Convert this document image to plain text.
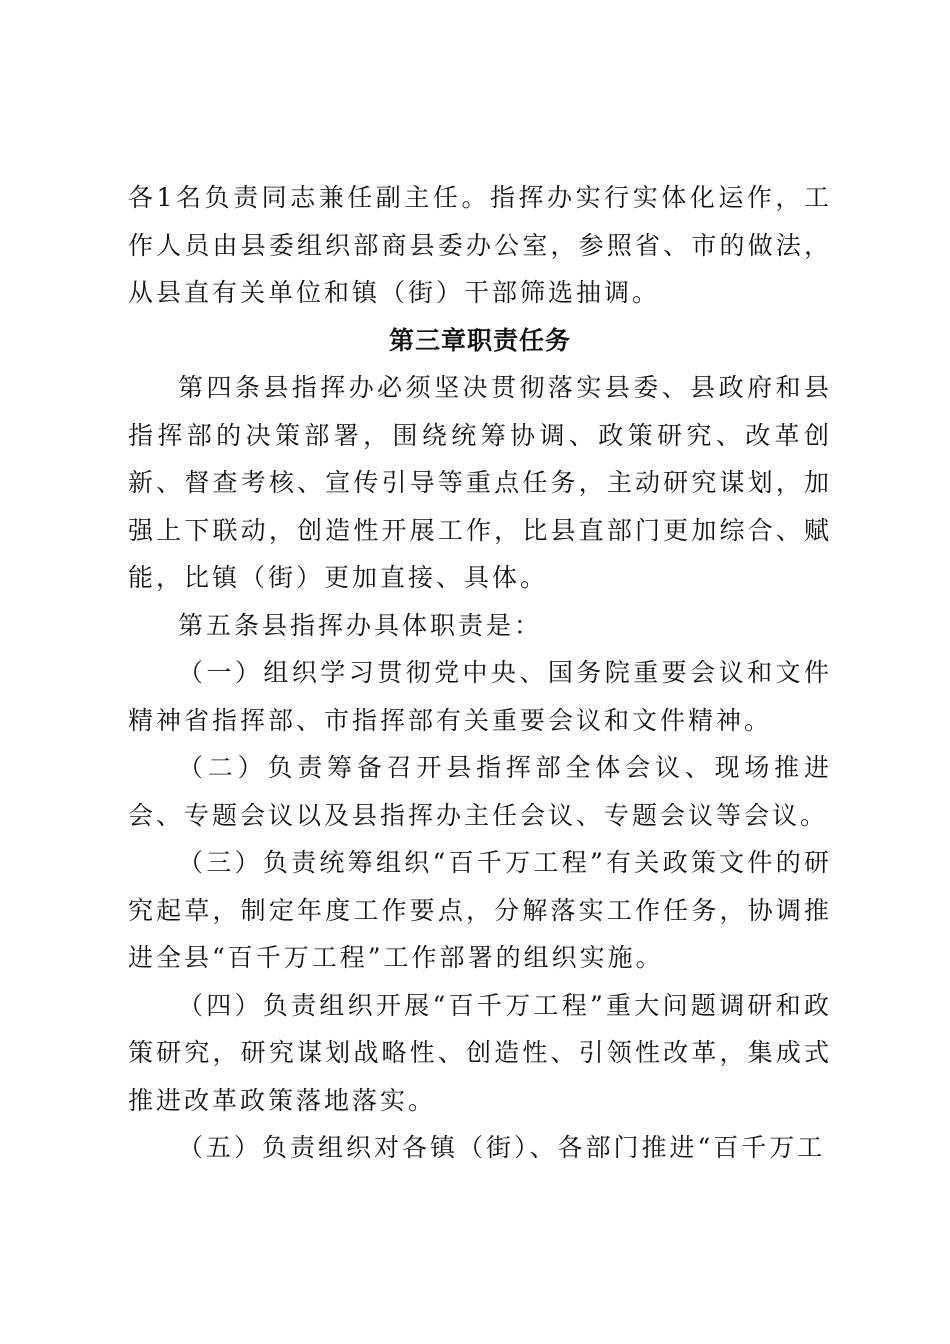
各1名负责同志兼任副主任。指挥办实行实体化运作，工作人员由县委组织部商县委办公室，参照省、市的做法，从县直有关单位和镇（街）干部筛选抽调。

第三章职责任务

第四条县指挥办必须坚决贯彻落实县委、县政府和县指挥部的决策部署，围绕统筹协调、政策研究、改革创新、督查考核、宣传引导等重点任务，主动研究谋划，加强上下联动，创造性开展工作，比县直部门更加综合、赋能，比镇（街）更加直接、具体。

第五条县指挥办具体职责是：

（一）组织学习贯彻党中央、国务院重要会议和文件精神省指挥部、市指挥部有关重要会议和文件精神。

（二）负责筹备召开县指挥部全体会议、现场推进会、专题会议以及县指挥办主任会议、专题会议等会议。

（三）负责统筹组织“百千万工程”有关政策文件的研究起草，制定年度工作要点，分解落实工作任务，协调推进全县“百千万工程”工作部署的组织实施。

（四）负责组织开展“百千万工程”重大问题调研和政策研究，研究谋划战略性、创造性、引领性改革，集成式推进改革政策落地落实。

（五）负责组织对各镇（街）、各部门推进“百千万工
